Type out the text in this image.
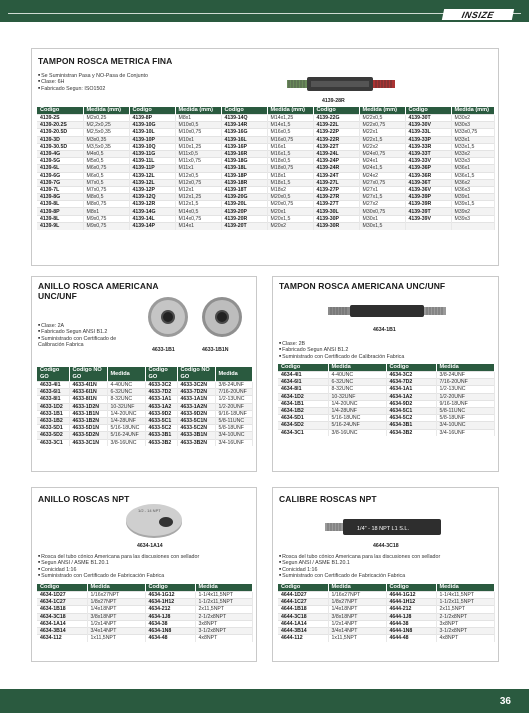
INSIZE
TAMPON ROSCA METRICA FINA
■ Se Suministran Pasa y NO-Pasa de Conjunto
■ Clase: 6H
■ Fabricado Segun: ISO1502
4139-28R
Codigo	Medida (mm)	Codigo	Medida (mm)	Codigo	Medida (mm)	Codigo	Medida (mm)	Codigo	Medida (mm)
4139-2S	M2x0,25	4139-8P	M8x1	4139-14Q	M14x1,25	4139-22G	M22x0,5	4139-30T	M30x2
4139-20.2S	M2,2x0,25	4139-10G	M10x0,5	4139-14R	M14x1,5	4139-22L	M22x0,75	4139-30V	M30x3
4139-20.5D	M2,5x0,35	4139-10L	M10x0,75	4139-16G	M16x0,5	4139-22P	M22x1	4139-33L	M33x0,75
4139-3D	M3x0,35	4139-10P	M10x1	4139-16L	M16x0,75	4139-22R	M22x1,5	4139-33P	M33x1
4139-30.5D	M3,5x0,35	4139-10Q	M10x1,25	4139-16P	M16x1	4139-22T	M22x2	4139-33R	M33x1,5
4139-4G	M4x0,5	4139-11G	M11x0,5	4139-16R	M16x1,5	4139-24L	M24x0,75	4139-33T	M33x2
4139-5G	M5x0,5	4139-11L	M11x0,75	4139-18G	M18x0,5	4139-24P	M24x1	4139-33V	M33x3
4139-6L	M6x0,75	4139-11P	M11x1	4139-18L	M18x0,75	4139-24R	M24x1,5	4139-36P	M36x1
4139-6G	M6x0,5	4139-12L	M12x0,5	4139-18P	M18x1	4139-24T	M24x2	4139-36R	M36x1,5
4139-7G	M7x0,5	4139-12L	M12x0,75	4139-18R	M18x1,5	4139-27L	M27x0,75	4139-36T	M36x2
4139-7L	M7x0,75	4139-12P	M12x1	4139-18T	M18x2	4139-27P	M27x1	4139-36V	M36x3
4139-8G	M8x0,5	4139-12Q	M12x1,25	4139-20G	M20x0,5	4139-27R	M27x1,5	4139-39P	M39x1
4139-8L	M8x0,75	4139-12R	M12x1,5	4139-20L	M20x0,75	4139-27T	M27x2	4139-39R	M39x1,5
4139-8P	M8x1	4139-14G	M14x0,5	4139-20P	M20x1	4139-30L	M30x0,75	4139-39T	M39x2
4139-8L	M9x0,75	4139-14L	M14x0,75	4139-20R	M20x1,5	4139-30P	M30x1	4139-39V	M39x3
4139-9L	M9x0,75	4139-14P	M14x1	4139-20T	M20x2	4139-30R	M30x1,5		
ANILLO ROSCA AMERICANA
UNC/UNF
■ Clase: 2A
■ Fabricado Segun ANSI B1.2
■ Suministrado con Certificado de Calibración Fabrica
4633-1B1	4633-1B1N
Codigo GO	Codigo NO GO	Medida	Codigo GO	Codigo NO GO	Medida
4633-4I1	4633-4I1N	4-40UNC	4633-3C2	4633-3C2N	3/8-24UNF
4633-6I1	4633-6I1N	6-32UNC	4633-7D2	4633-7D2N	7/16-20UNF
4633-8I1	4633-8I1N	8-32UNC	4633-1A1	4633-1A1N	1/2-13UNC
4633-1D2	4633-1D2N	10-32UNF	4633-1A2	4633-1A2N	1/2-20UNF
4633-1B1	4633-1B1N	1/4-20UNC	4633-9D2	4633-9D2N	9/16-18UNF
4633-1B2	4633-1B2N	1/4-28UNF	4633-5C1	4633-5C1N	5/8-11UNC
4633-5D1	4633-5D1N	5/16-18UNC	4633-5C2	4633-5C2N	5/8-18UNF
4633-5D2	4633-5D2N	5/16-24UNF	4633-3B1	4633-3B1N	3/4-10UNC
4633-3C1	4633-3C1N	3/8-16UNC	4633-3B2	4633-3B2N	3/4-16UNF
TAMPON ROSCA AMERICANA UNC/UNF
4634-1B1
■ Clase: 2B
■ Fabricado Segun ANSI B1.2
■ Suministrado con Certificado de Calibración Fabrica
Codigo	Medida	Codigo	Medida
4634-4I1	4-40UNC	4634-3C2	3/8-24UNF
4634-6I1	6-32UNC	4634-7D2	7/16-20UNF
4634-8I1	8-32UNC	4634-1A1	1/2-13UNC
4634-1D2	10-32UNF	4634-1A2	1/2-20UNF
4634-1B1	1/4-20UNC	4634-9D2	9/16-18UNF
4634-1B2	1/4-28UNF	4634-5C1	5/8-11UNC
4634-5D1	5/16-18UNC	4634-5C2	5/8-18UNF
4634-5D2	5/16-24UNF	4634-3B1	3/4-10UNC
4634-3C1	3/8-16UNC	4634-3B2	3/4-16UNF
ANILLO ROSCAS NPT
1/2 - 14 NPT
4634-1A14
■ Rosca del tubo cónico Americana para las discusiones con sellador
■ Segun ANSI / ASME B1.20.1
■ Conicidad 1:16
■ Suministrado con Certificado de Fabricación Fabrica
Codigo	Medida	Codigo	Medida
4634-1D27	1/16x27NPT	4634-1G12	1-1/4x11,5NPT
4634-1C27	1/8x27NPT	4634-1H12	1-1/2x11,5NPT
4634-1B18	1/4x18NPT	4634-212	2x11,5NPT
4634-3C18	3/8x18NPT	4634-1J8	2-1/2x8NPT
4634-1A14	1/2x14NPT	4634-38	3x8NPT
4634-3B14	3/4x14NPT	4634-1N8	3-1/2x8NPT
4634-112	1x11,5NPT	4634-48	4x8NPT
CALIBRE ROSCAS NPT
1/4" - 18 NPT L1 S.L.
4644-3C18
■ Rosca del tubo cónico Americana para las discusiones con sellador
■ Segun ANSI / ASME B1.20.1
■ Conicidad 1:16
■ Suministrado con Certificado de Fabricación Fabrica
Codigo	Medida	Codigo	Medida
4644-1D27	1/16x27NPT	4644-1G12	1-1/4x11,5NPT
4644-1C27	1/8x27NPT	4644-1H12	1-1/2x11,5NPT
4644-1B18	1/4x18NPT	4644-212	2x11,5NPT
4644-3C18	3/8x18NPT	4644-1J8	2-1/2x8NPT
4644-1A14	1/2x14NPT	4644-38	3x8NPT
4644-3B14	3/4x14NPT	4644-1N8	3-1/2x8NPT
4644-112	1x11,5NPT	4644-48	4x8NPT
36
